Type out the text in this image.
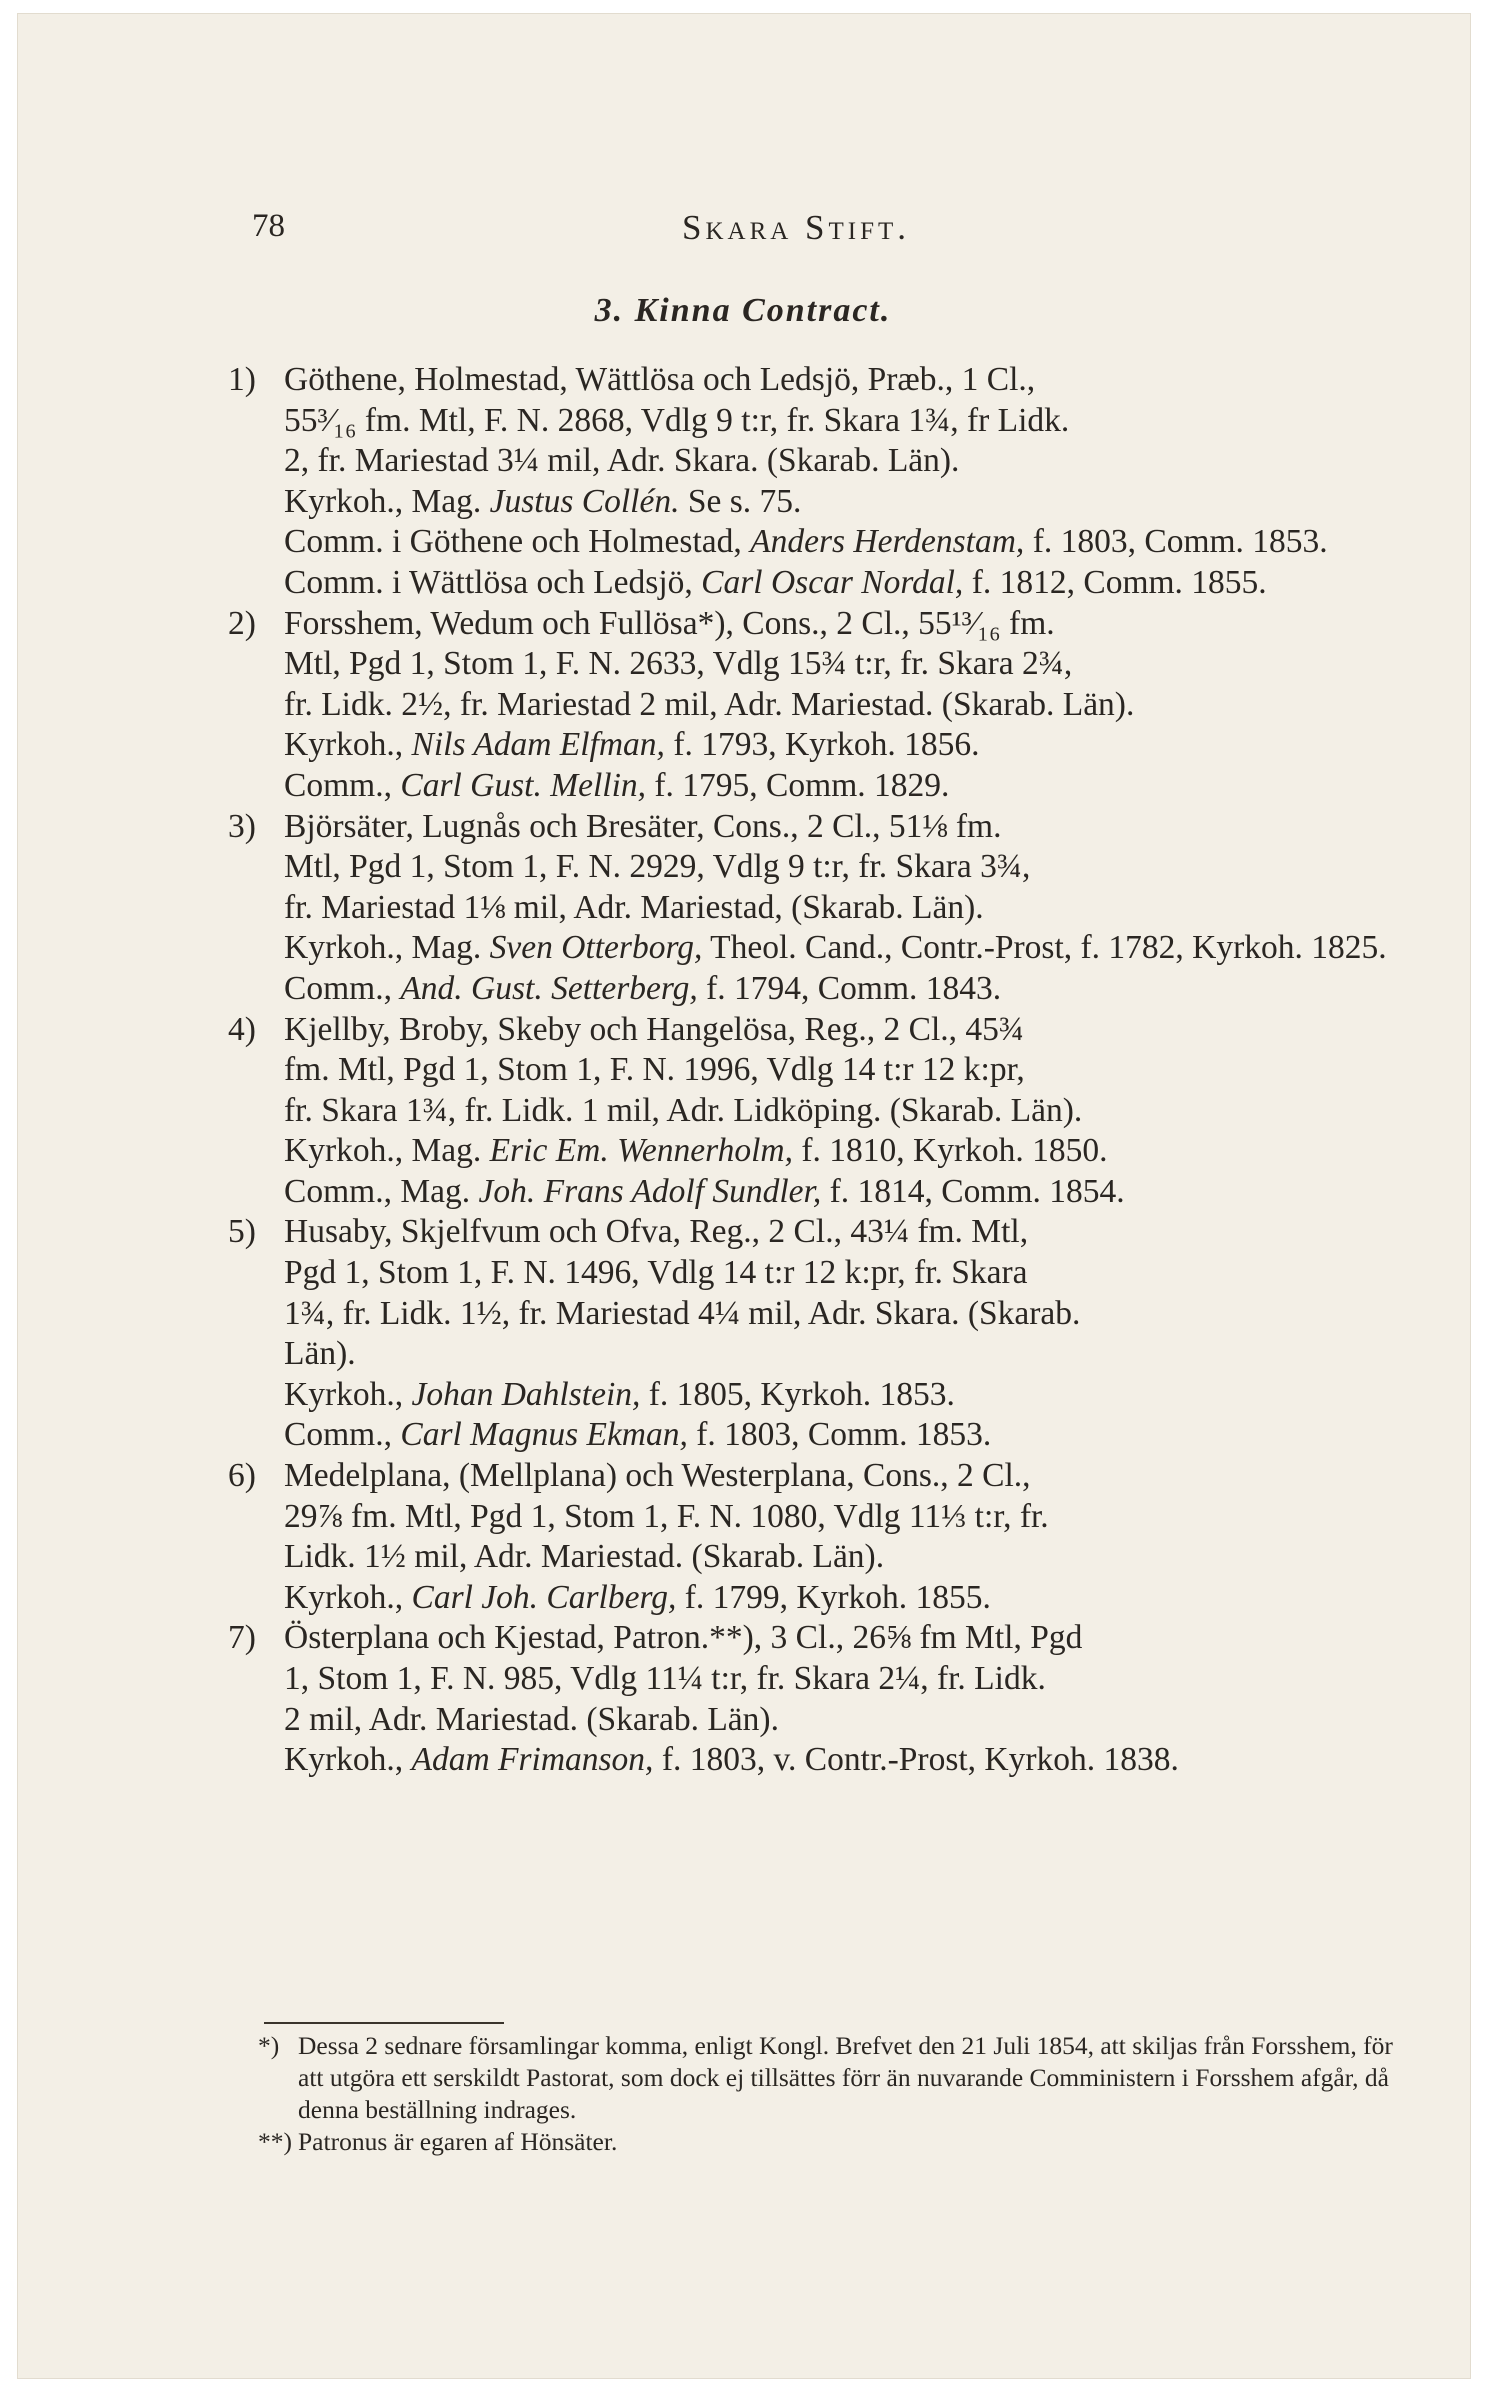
78	Skara Stift.
3. Kinna Contract.
1) Göthene, Holmestad, Wättlösa och Ledsjö, Præb., 1 Cl.,
55³⁄₁₆ fm. Mtl, F. N. 2868, Vdlg 9 t:r, fr. Skara 1¾, fr Lidk.
2, fr. Mariestad 3¼ mil, Adr. Skara. (Skarab. Län).
Kyrkoh., Mag. Justus Collén. Se s. 75.
Comm. i Göthene och Holmestad, Anders Herdenstam, f. 1803, Comm. 1853.
Comm. i Wättlösa och Ledsjö, Carl Oscar Nordal, f. 1812, Comm. 1855.
2) Forsshem, Wedum och Fullösa*), Cons., 2 Cl., 55¹³⁄₁₆ fm.
Mtl, Pgd 1, Stom 1, F. N. 2633, Vdlg 15¾ t:r, fr. Skara 2¾,
fr. Lidk. 2½, fr. Mariestad 2 mil, Adr. Mariestad. (Skarab. Län).
Kyrkoh., Nils Adam Elfman, f. 1793, Kyrkoh. 1856.
Comm., Carl Gust. Mellin, f. 1795, Comm. 1829.
3) Björsäter, Lugnås och Bresäter, Cons., 2 Cl., 51⅛ fm.
Mtl, Pgd 1, Stom 1, F. N. 2929, Vdlg 9 t:r, fr. Skara 3¾,
fr. Mariestad 1⅛ mil, Adr. Mariestad, (Skarab. Län).
Kyrkoh., Mag. Sven Otterborg, Theol. Cand., Contr.-Prost, f. 1782, Kyrkoh. 1825.
Comm., And. Gust. Setterberg, f. 1794, Comm. 1843.
4) Kjellby, Broby, Skeby och Hangelösa, Reg., 2 Cl., 45¾
fm. Mtl, Pgd 1, Stom 1, F. N. 1996, Vdlg 14 t:r 12 k:pr,
fr. Skara 1¾, fr. Lidk. 1 mil, Adr. Lidköping. (Skarab. Län).
Kyrkoh., Mag. Eric Em. Wennerholm, f. 1810, Kyrkoh. 1850.
Comm., Mag. Joh. Frans Adolf Sundler, f. 1814, Comm. 1854.
5) Husaby, Skjelfvum och Ofva, Reg., 2 Cl., 43¼ fm. Mtl,
Pgd 1, Stom 1, F. N. 1496, Vdlg 14 t:r 12 k:pr, fr. Skara
1¾, fr. Lidk. 1½, fr. Mariestad 4¼ mil, Adr. Skara. (Skarab.
Län).
Kyrkoh., Johan Dahlstein, f. 1805, Kyrkoh. 1853.
Comm., Carl Magnus Ekman, f. 1803, Comm. 1853.
6) Medelplana, (Mellplana) och Westerplana, Cons., 2 Cl.,
29⅞ fm. Mtl, Pgd 1, Stom 1, F. N. 1080, Vdlg 11⅓ t:r, fr.
Lidk. 1½ mil, Adr. Mariestad. (Skarab. Län).
Kyrkoh., Carl Joh. Carlberg, f. 1799, Kyrkoh. 1855.
7) Österplana och Kjestad, Patron.**), 3 Cl., 26⅝ fm Mtl, Pgd
1, Stom 1, F. N. 985, Vdlg 11¼ t:r, fr. Skara 2¼, fr. Lidk.
2 mil, Adr. Mariestad. (Skarab. Län).
Kyrkoh., Adam Frimanson, f. 1803, v. Contr.-Prost, Kyrkoh. 1838.
*) Dessa 2 sednare församlingar komma, enligt Kongl. Brefvet den 21 Juli 1854, att skiljas från Forsshem, för att utgöra ett serskildt Pastorat, som dock ej tillsättes förr än nuvarande Comministern i Forsshem afgår, då denna beställning indrages.
**) Patronus är egaren af Hönsäter.
